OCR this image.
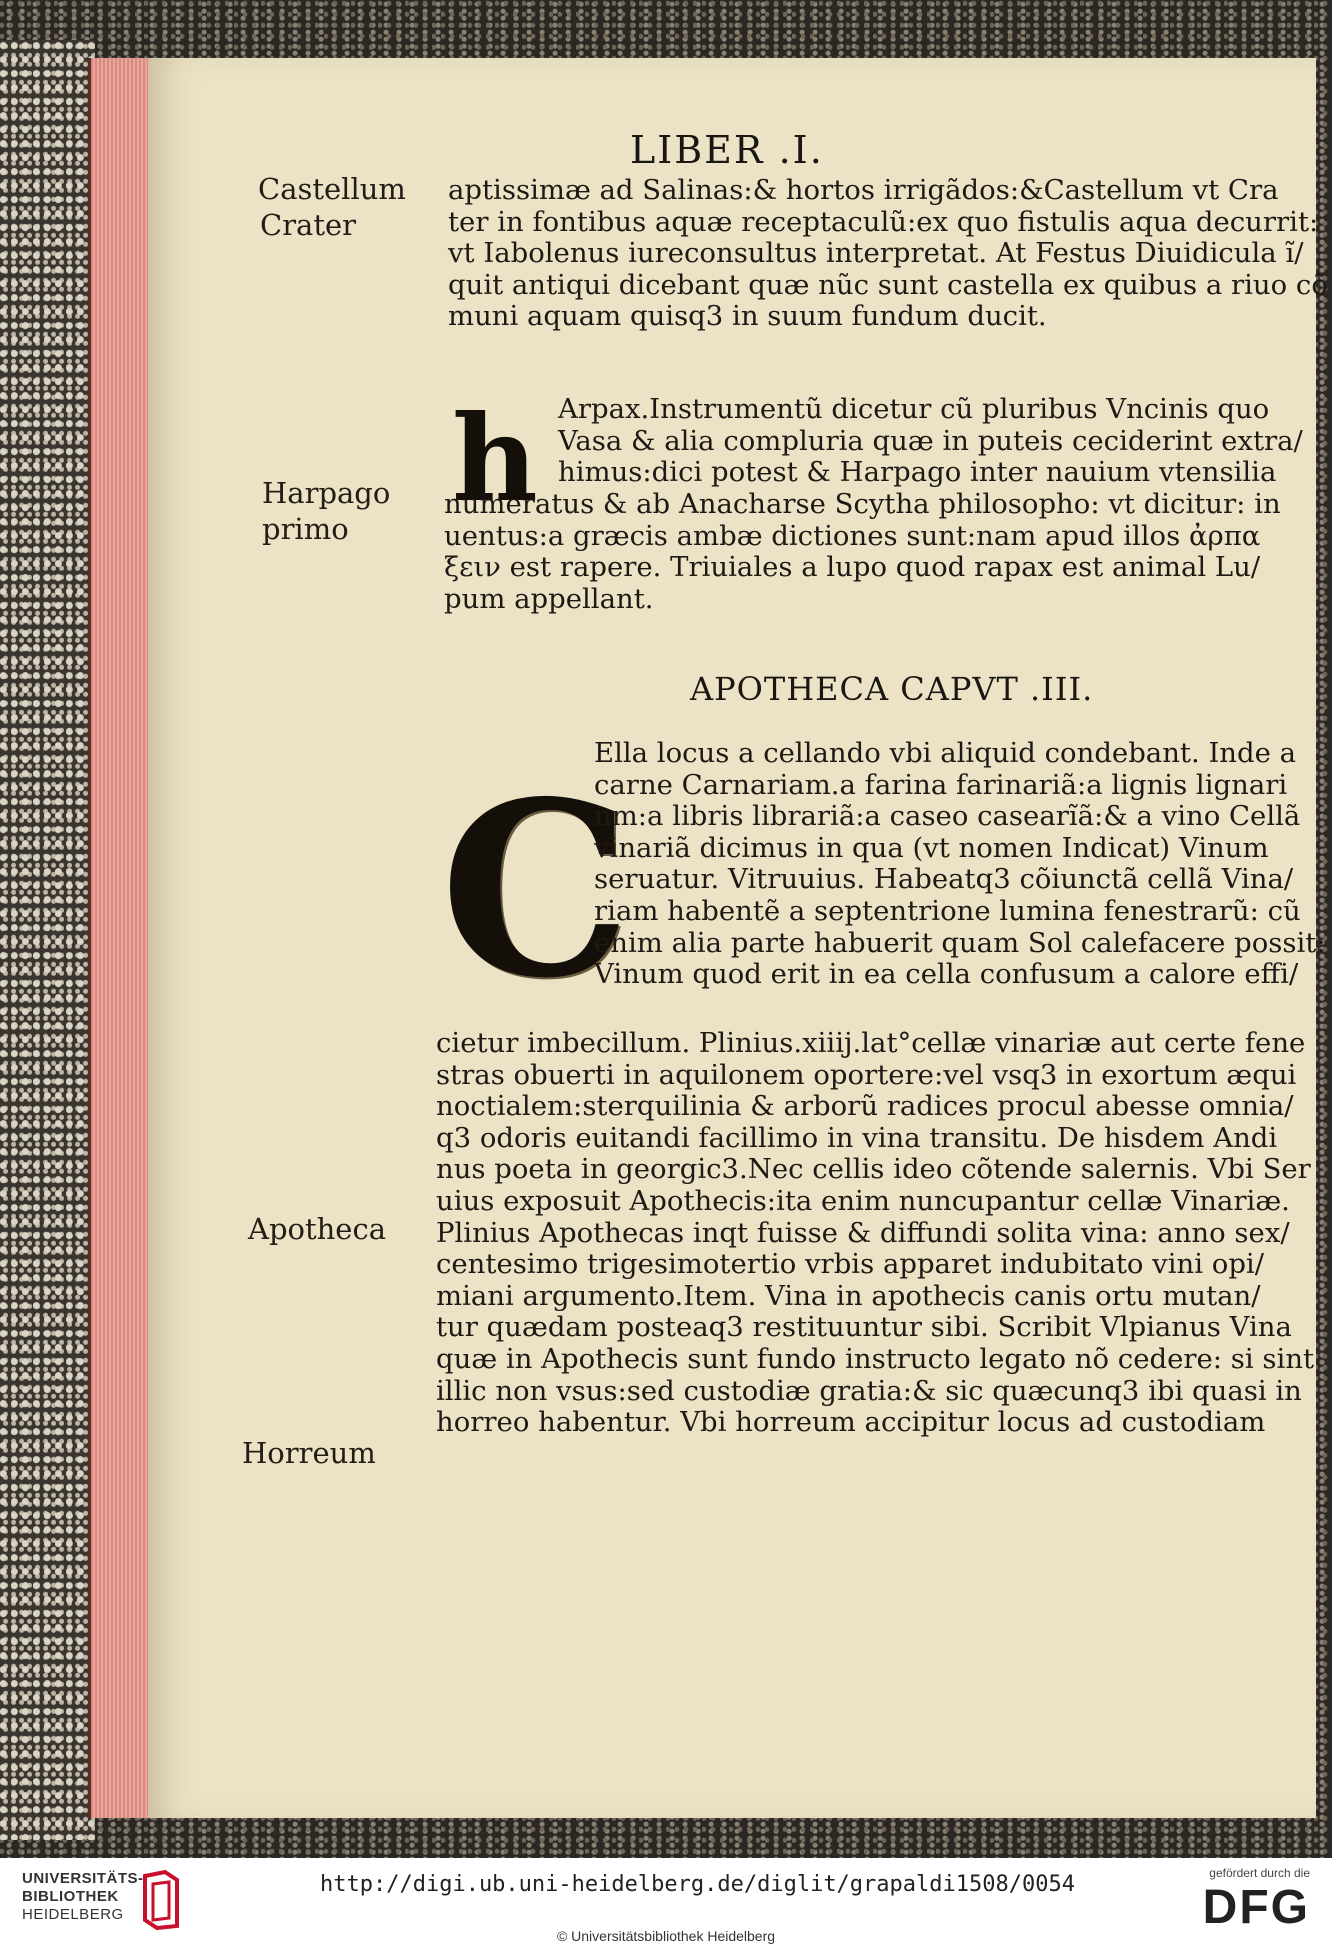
LIBER .I.
Castellum
Crater
Harpago
primo
Apotheca
Horreum
aptissimæ ad Salinas:& hortos irrigãdos:&Castellum vt Cra
ter in fontibus aquæ receptaculũ:ex quo fistulis aqua decurrit:
vt Iabolenus iureconsultus interpretat. At Festus Diuidicula ĩ/
quit antiqui dicebant quæ nũc sunt castella ex quibus a riuo cõ
muni aquam quisq3 in suum fundum ducit.
h Arpax.Instrumentũ dicetur cũ pluribus Vncinis quo
Vasa & alia compluria quæ in puteis ceciderint extra/
himus:dici potest & Harpago inter nauium vtensilia
numeratus & ab Anacharse Scytha philosopho: vt dicitur: in
uentus:a græcis ambæ dictiones sunt:nam apud illos ἀρπα
ξειν est rapere. Triuiales a lupo quod rapax est animal Lu/
pum appellant.
APOTHECA CAPVT .III.
C
Ella locus a cellando vbi aliquid condebant. Inde a
carne Carnariam.a farina farinariã:a lignis lignari
nm:a libris librariã:a caseo casearĩã:& a vino Cellã
vinariã dicimus in qua (vt nomen Indicat) Vinum
seruatur. Vitruuius. Habeatq3 cõiunctã cellã Vina/
riam habentẽ a septentrione lumina fenestrarũ: cũ
enim alia parte habuerit quam Sol calefacere possit:
Vinum quod erit in ea cella confusum a calore effi/
cietur imbecillum. Plinius.xiiij.lat°cellæ vinariæ aut certe fene
stras obuerti in aquilonem oportere:vel vsq3 in exortum æqui
noctialem:sterquilinia & arborũ radices procul abesse omnia/
q3 odoris euitandi facillimo in vina transitu. De hisdem Andi
nus poeta in georgic3.Nec cellis ideo cõtende salernis. Vbi Ser
uius exposuit Apothecis:ita enim nuncupantur cellæ Vinariæ.
Plinius Apothecas inqt fuisse & diffundi solita vina: anno sex/
centesimo trigesimotertio vrbis apparet indubitato vini opi/
miani argumento.Item. Vina in apothecis canis ortu mutan/
tur quædam posteaq3 restituuntur sibi. Scribit Vlpianus Vina
quæ in Apothecis sunt fundo instructo legato nõ cedere: si sint
illic non vsus:sed custodiæ gratia:& sic quæcunq3 ibi quasi in
horreo habentur. Vbi horreum accipitur locus ad custodiam
UNIVERSITÄTS-
BIBLIOTHEK
HEIDELBERG
http://digi.ub.uni-heidelberg.de/diglit/grapaldi1508/0054
© Universitätsbibliothek Heidelberg
gefördert durch die
DFG
